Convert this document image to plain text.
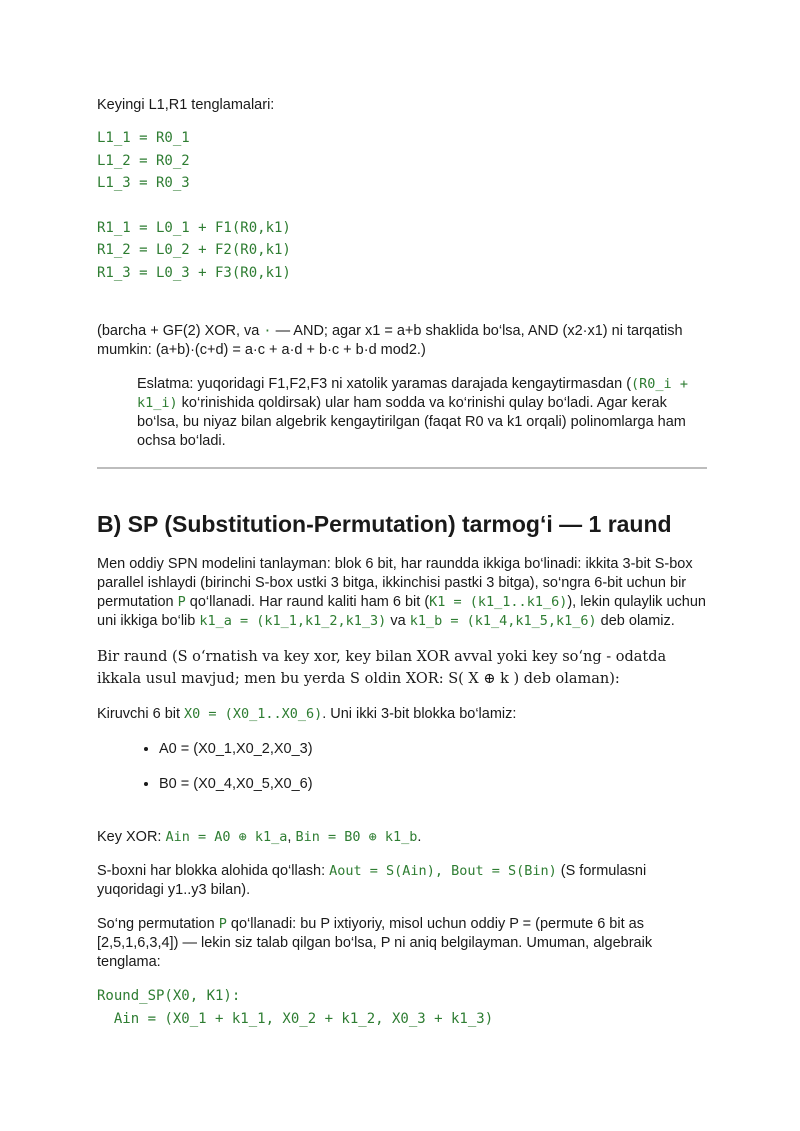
Keyingi L1,R1 tenglamalari:

L1_1 = R0_1
L1_2 = R0_2
L1_3 = R0_3
R1_1 = L0_1 + F1(R0,k1)
R1_2 = L0_2 + F2(R0,k1)
R1_3 = L0_3 + F3(R0,k1)

(barcha + GF(2) XOR, va · — AND; agar x1 = a+b shaklida bo‘lsa, AND (x2·x1) ni tarqatish mumkin: (a+b)·(c+d) = a·c + a·d + b·c + b·d mod2.)

Eslatma: yuqoridagi F1,F2,F3 ni xatolik yaramas darajada kengaytirmasdan ((R0_i + k1_i) ko‘rinishida qoldirsak) ular ham sodda va ko‘rinishi qulay bo‘ladi. Agar kerak bo‘lsa, bu niyaz bilan algebrik kengaytirilgan (faqat R0 va k1 orqali) polinomlarga ham ochsa bo‘ladi.

B) SP (Substitution-Permutation) tarmog‘i — 1 raund

Men oddiy SPN modelini tanlayman: blok 6 bit, har raundda ikkiga bo‘linadi: ikkita 3-bit S-box parallel ishlaydi (birinchi S-box ustki 3 bitga, ikkinchisi pastki 3 bitga), so‘ngra 6-bit uchun bir permutation P qo‘llanadi. Har raund kaliti ham 6 bit (K1 = (k1_1..k1_6)), lekin qulaylik uchun uni ikkiga bo‘lib k1_a = (k1_1,k1_2,k1_3) va k1_b = (k1_4,k1_5,k1_6) deb olamiz.

Bir raund (S o‘rnatish va key xor, key bilan XOR avval yoki key so‘ng - odatda ikkala usul mavjud; men bu yerda S oldin XOR: S( X ⊕ k ) deb olaman):

Kiruvchi 6 bit X0 = (X0_1..X0_6). Uni ikki 3-bit blokka bo‘lamiz:

• A0 = (X0_1,X0_2,X0_3)
• B0 = (X0_4,X0_5,X0_6)

Key XOR: Ain = A0 ⊕ k1_a, Bin = B0 ⊕ k1_b.

S-boxni har blokka alohida qo‘llash: Aout = S(Ain), Bout = S(Bin) (S formulasni yuqoridagi y1..y3 bilan).

So‘ng permutation P qo‘llanadi: bu P ixtiyoriy, misol uchun oddiy P = (permute 6 bit as [2,5,1,6,3,4]) — lekin siz talab qilgan bo‘lsa, P ni aniq belgilayman. Umuman, algebraik tenglama:

Round_SP(X0, K1):
Ain = (X0_1 + k1_1, X0_2 + k1_2, X0_3 + k1_3)
